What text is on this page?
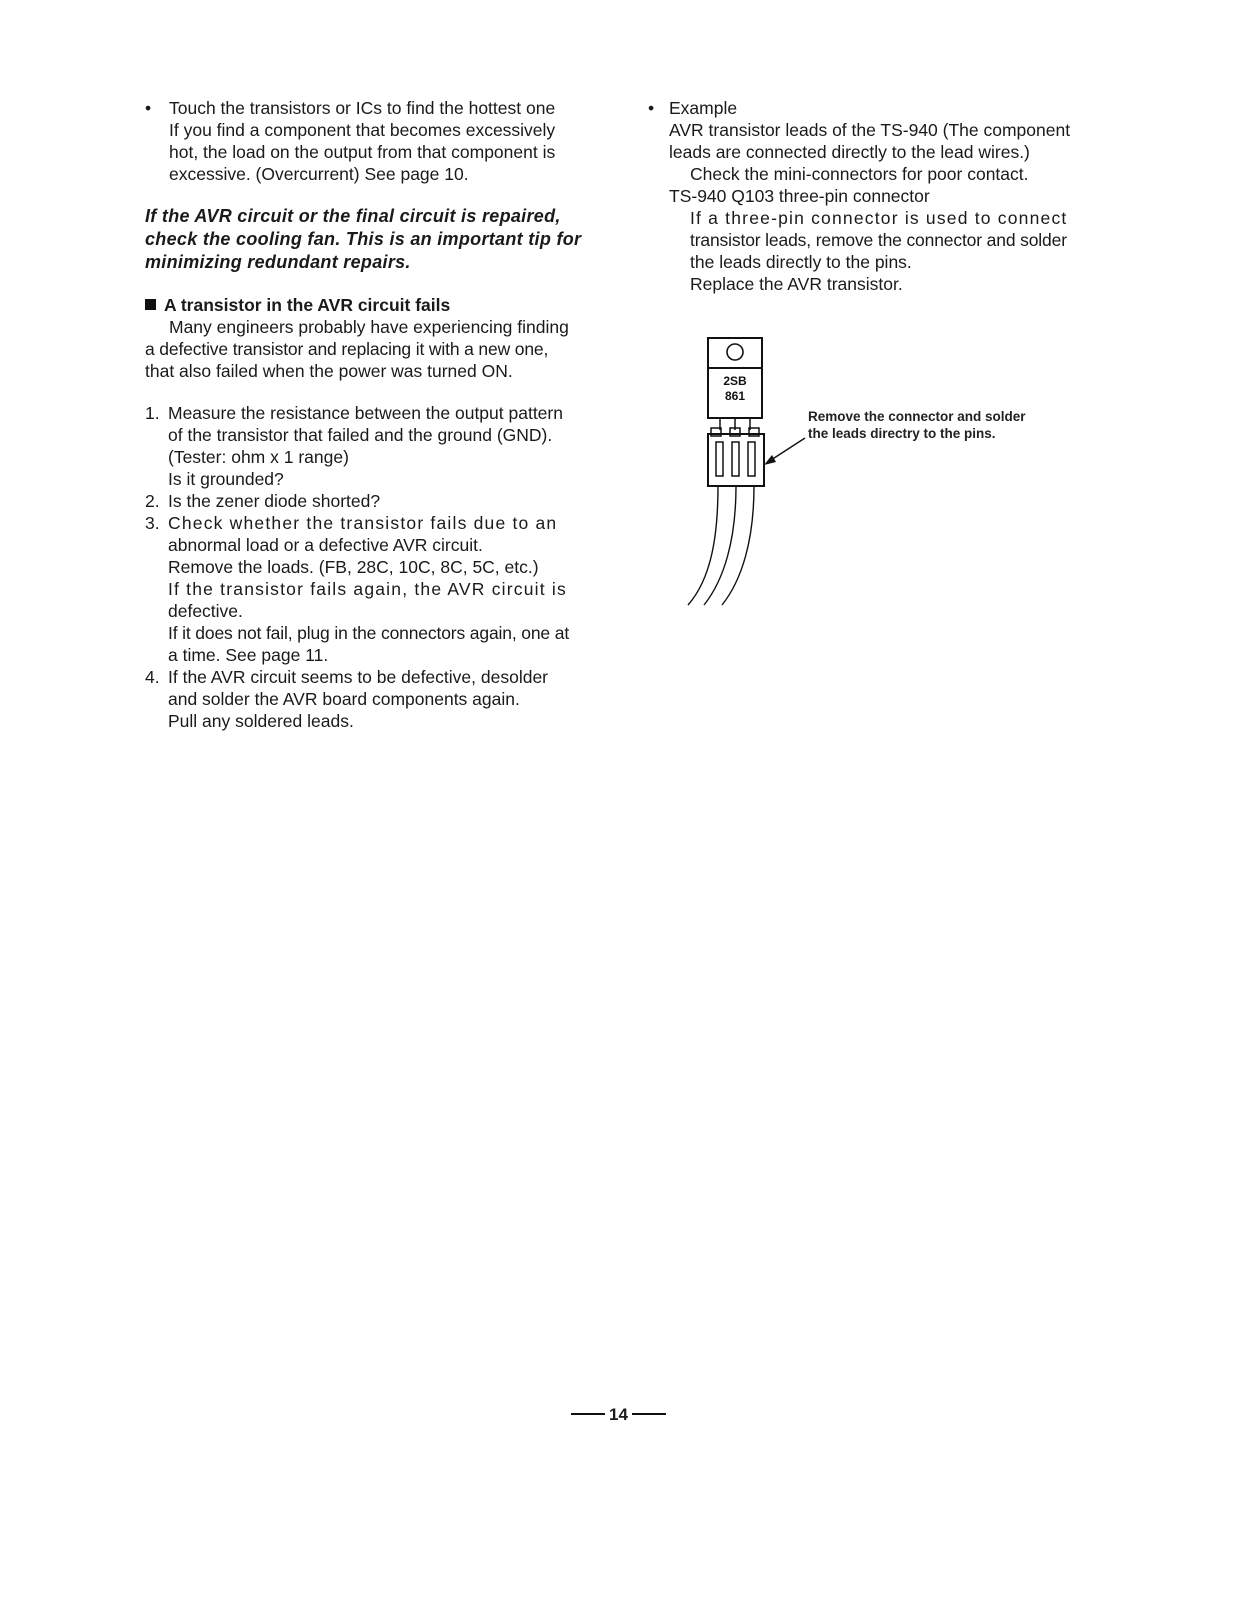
• Touch the transistors or ICs to find the hottest one

If you find a component that becomes excessively

hot, the load on the output from that component is

excessive. (Overcurrent) See page 10.

If the AVR circuit or the final circuit is repaired,
check the cooling fan. This is an important tip for
minimizing redundant repairs.
A transistor in the AVR circuit fails

Many engineers probably have experiencing finding

a defective transistor and replacing it with a new one,

that also failed when the power was turned ON.

1. Measure the resistance between the output pattern

of the transistor that failed and the ground (GND).

(Tester: ohm x 1 range)

Is it grounded?

2. Is the zener diode shorted?

3. Check whether the transistor fails due to an

abnormal load or a defective AVR circuit.

Remove the loads. (FB, 28C, 10C, 8C, 5C, etc.)

If the transistor fails again, the AVR circuit is

defective.

If it does not fail, plug in the connectors again, one at

a time. See page 11.

4. If the AVR circuit seems to be defective, desolder

and solder the AVR board components again.

Pull any soldered leads.

• Example

AVR transistor leads of the TS-940 (The component

leads are connected directly to the lead wires.)

Check the mini-connectors for poor contact.

TS-940 Q103 three-pin connector

If a three-pin connector is used to connect

transistor leads, remove the connector and solder

the leads directly to the pins.

Replace the AVR transistor.

2SB
861
Remove the connector and solder
the leads directry to the pins.
14
